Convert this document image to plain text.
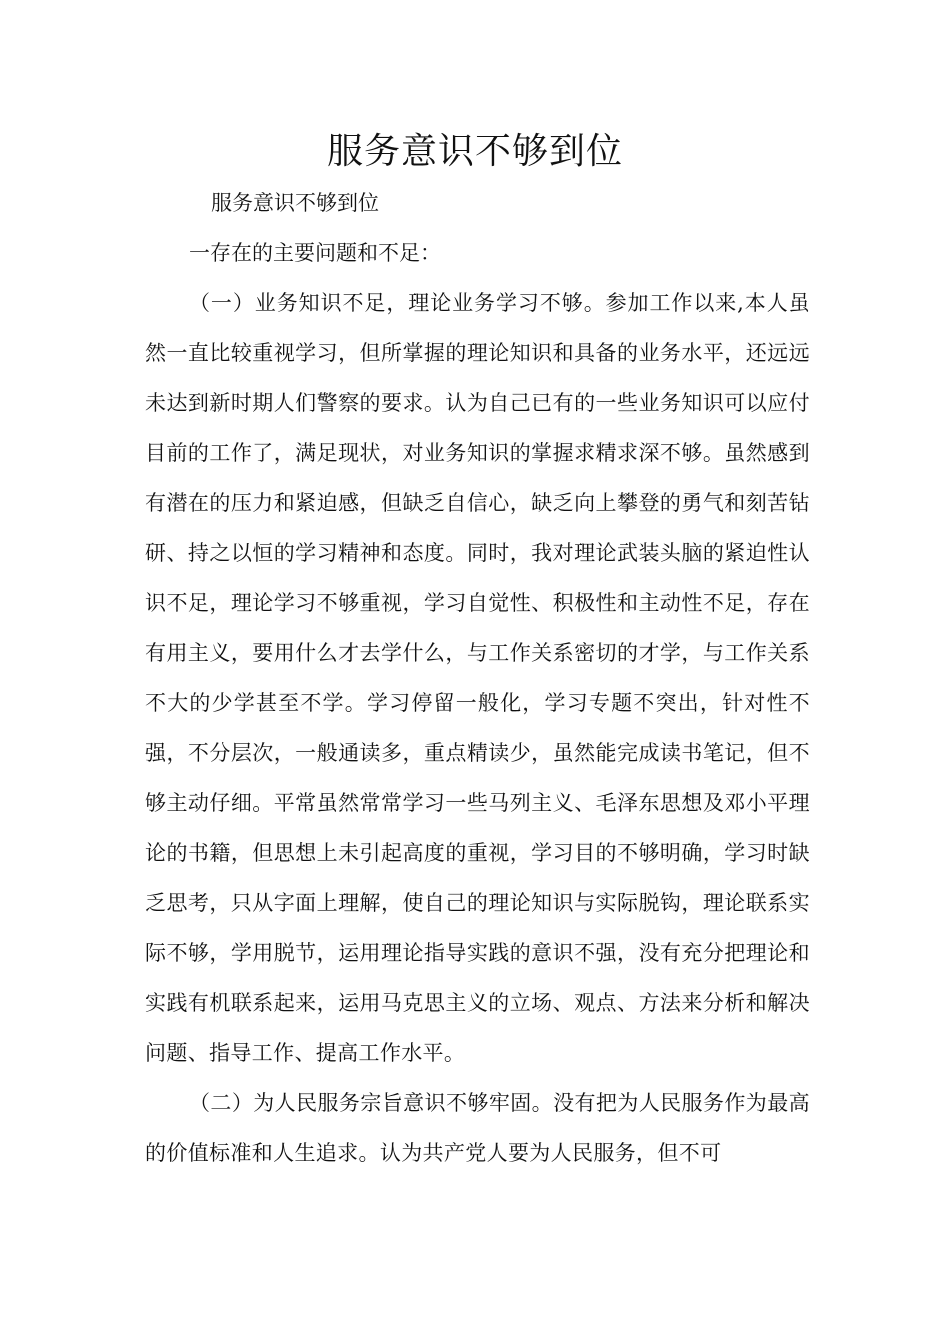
服务意识不够到位

服务意识不够到位

一存在的主要问题和不足：

（一）业务知识不足，理论业务学习不够。参加工作以来,本人虽然一直比较重视学习，但所掌握的理论知识和具备的业务水平，还远远未达到新时期人们警察的要求。认为自己已有的一些业务知识可以应付目前的工作了，满足现状，对业务知识的掌握求精求深不够。虽然感到有潜在的压力和紧迫感，但缺乏自信心，缺乏向上攀登的勇气和刻苦钻研、持之以恒的学习精神和态度。同时，我对理论武装头脑的紧迫性认识不足，理论学习不够重视，学习自觉性、积极性和主动性不足，存在有用主义，要用什么才去学什么，与工作关系密切的才学，与工作关系不大的少学甚至不学。学习停留一般化，学习专题不突出，针对性不强，不分层次，一般通读多，重点精读少，虽然能完成读书笔记，但不够主动仔细。平常虽然常常学习一些马列主义、毛泽东思想及邓小平理论的书籍，但思想上未引起高度的重视，学习目的不够明确，学习时缺乏思考，只从字面上理解，使自己的理论知识与实际脱钩，理论联系实际不够，学用脱节，运用理论指导实践的意识不强，没有充分把理论和实践有机联系起来，运用马克思主义的立场、观点、方法来分析和解决问题、指导工作、提高工作水平。

（二）为人民服务宗旨意识不够牢固。没有把为人民服务作为最高的价值标准和人生追求。认为共产党人要为人民服务，但不可
